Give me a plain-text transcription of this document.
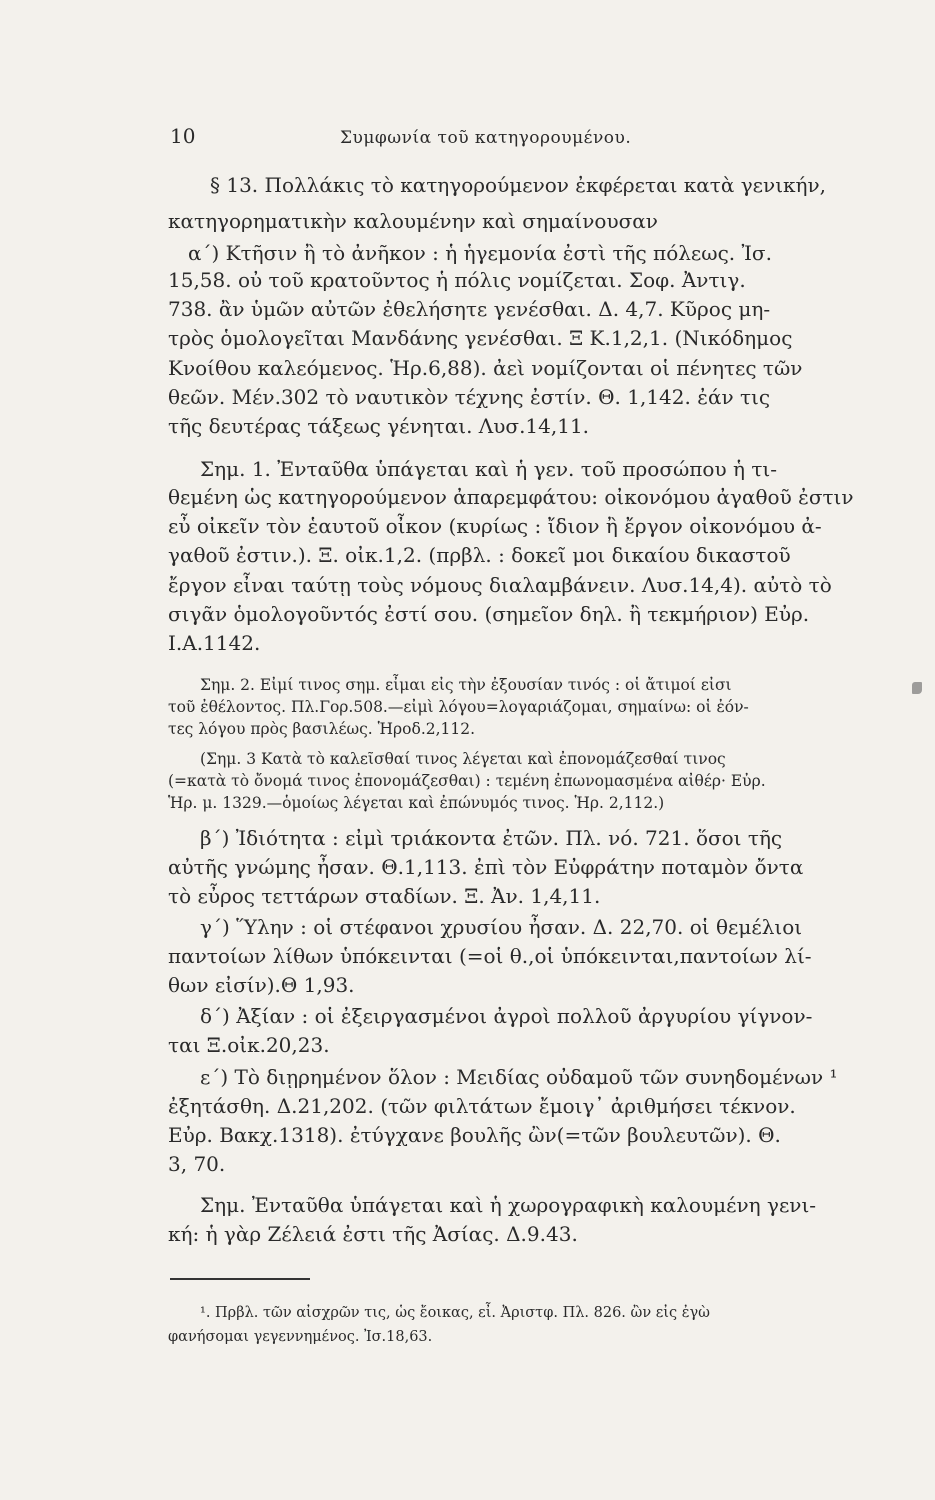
10	Συμφωνία τοῦ κατηγορουμένου.
§ 13. Πολλάκις τὸ κατηγορούμενον ἐκφέρεται κατὰ γενικήν,
κατηγορηματικὴν καλουμένην καὶ σημαίνουσαν
α΄) Κτῆσιν ἢ τὸ ἀνῆκον : ἡ ἡγεμονία ἐστὶ τῆς πόλεως. Ἰσ.
15,58. οὐ τοῦ κρατοῦντος ἡ πόλις νομίζεται. Σοφ. Ἀντιγ.
738. ἂν ὑμῶν αὐτῶν ἐθελήσητε γενέσθαι. Δ. 4,7. Κῦρος μη-
τρὸς ὁμολογεῖται Μανδάνης γενέσθαι. Ξ Κ.1,2,1. (Νικόδημος
Κνοίθου καλεόμενος. Ἡρ.6,88). ἀεὶ νομίζονται οἱ πένητες τῶν
θεῶν. Μέν.302 τὸ ναυτικὸν τέχνης ἐστίν. Θ. 1,142. ἐάν τις
τῆς δευτέρας τάξεως γένηται. Λυσ.14,11.
Σημ. 1. Ἐνταῦθα ὑπάγεται καὶ ἡ γεν. τοῦ προσώπου ἡ τι-
θεμένη ὡς κατηγορούμενον ἀπαρεμφάτου: οἰκονόμου ἀγαθοῦ ἐστιν
εὖ οἰκεῖν τὸν ἑαυτοῦ οἶκον (κυρίως : ἴδιον ἢ ἔργον οἰκονόμου ἀ-
γαθοῦ ἐστιν.). Ξ. οἰκ.1,2. (πρβλ. : δοκεῖ μοι δικαίου δικαστοῦ
ἔργον εἶναι ταύτῃ τοὺς νόμους διαλαμβάνειν. Λυσ.14,4). αὐτὸ τὸ
σιγᾶν ὁμολογοῦντός ἐστί σου. (σημεῖον δηλ. ἢ τεκμήριον) Εὐρ.
Ι.Α.1142.
Σημ. 2. Εἰμί τινος σημ. εἶμαι εἰς τὴν ἐξουσίαν τινός : οἱ ἄτιμοί εἰσι
τοῦ ἐθέλοντος. Πλ.Γορ.508.—εἰμὶ λόγου=λογαριάζομαι, σημαίνω: οἱ ἐόν-
τες λόγου πρὸς βασιλέως. Ἡροδ.2,112.
(Σημ. 3 Κατὰ τὸ καλεῖσθαί τινος λέγεται καὶ ἐπονομάζεσθαί τινος
(=κατὰ τὸ ὄνομά τινος ἐπονομάζεσθαι) : τεμένη ἐπωνομασμένα αἰθέρ· Εὐρ.
Ἡρ. μ. 1329.—ὁμοίως λέγεται καὶ ἐπώνυμός τινος. Ἡρ. 2,112.)
β΄) Ἰδιότητα : εἰμὶ τριάκοντα ἐτῶν. Πλ. νό. 721. ὅσοι τῆς
αὐτῆς γνώμης ἦσαν. Θ.1,113. ἐπὶ τὸν Εὐφράτην ποταμὸν ὄντα
τὸ εὖρος τεττάρων σταδίων. Ξ. Ἀν. 1,4,11.
γ΄) Ὕλην : οἱ στέφανοι χρυσίου ἦσαν. Δ. 22,70. οἱ θεμέλιοι
παντοίων λίθων ὑπόκεινται (=οἱ θ.,οἱ ὑπόκεινται,παντοίων λί-
θων εἰσίν).Θ 1,93.
δ΄) Ἀξίαν : οἱ ἐξειργασμένοι ἀγροὶ πολλοῦ ἀργυρίου γίγνον-
ται Ξ.οἰκ.20,23.
ε΄) Τὸ διῃρημένον ὅλον : Μειδίας οὐδαμοῦ τῶν συνηδομένων ¹
ἐξητάσθη. Δ.21,202. (τῶν φιλτάτων ἔμοιγ᾽ ἀριθμήσει τέκνον.
Εὐρ. Βακχ.1318). ἐτύγχανε βουλῆς ὢν(=τῶν βουλευτῶν). Θ.
3, 70.
Σημ. Ἐνταῦθα ὑπάγεται καὶ ἡ χωρογραφικὴ καλουμένη γενι-
κή: ἡ γὰρ Ζέλειά ἐστι τῆς Ἀσίας. Δ.9.43.
¹. Πρβλ. τῶν αἰσχρῶν τις, ὡς ἔοικας, εἶ. Ἀριστφ. Πλ. 826. ὢν εἰς ἐγὼ
φανήσομαι γεγεννημένος. Ἰσ.18,63.
